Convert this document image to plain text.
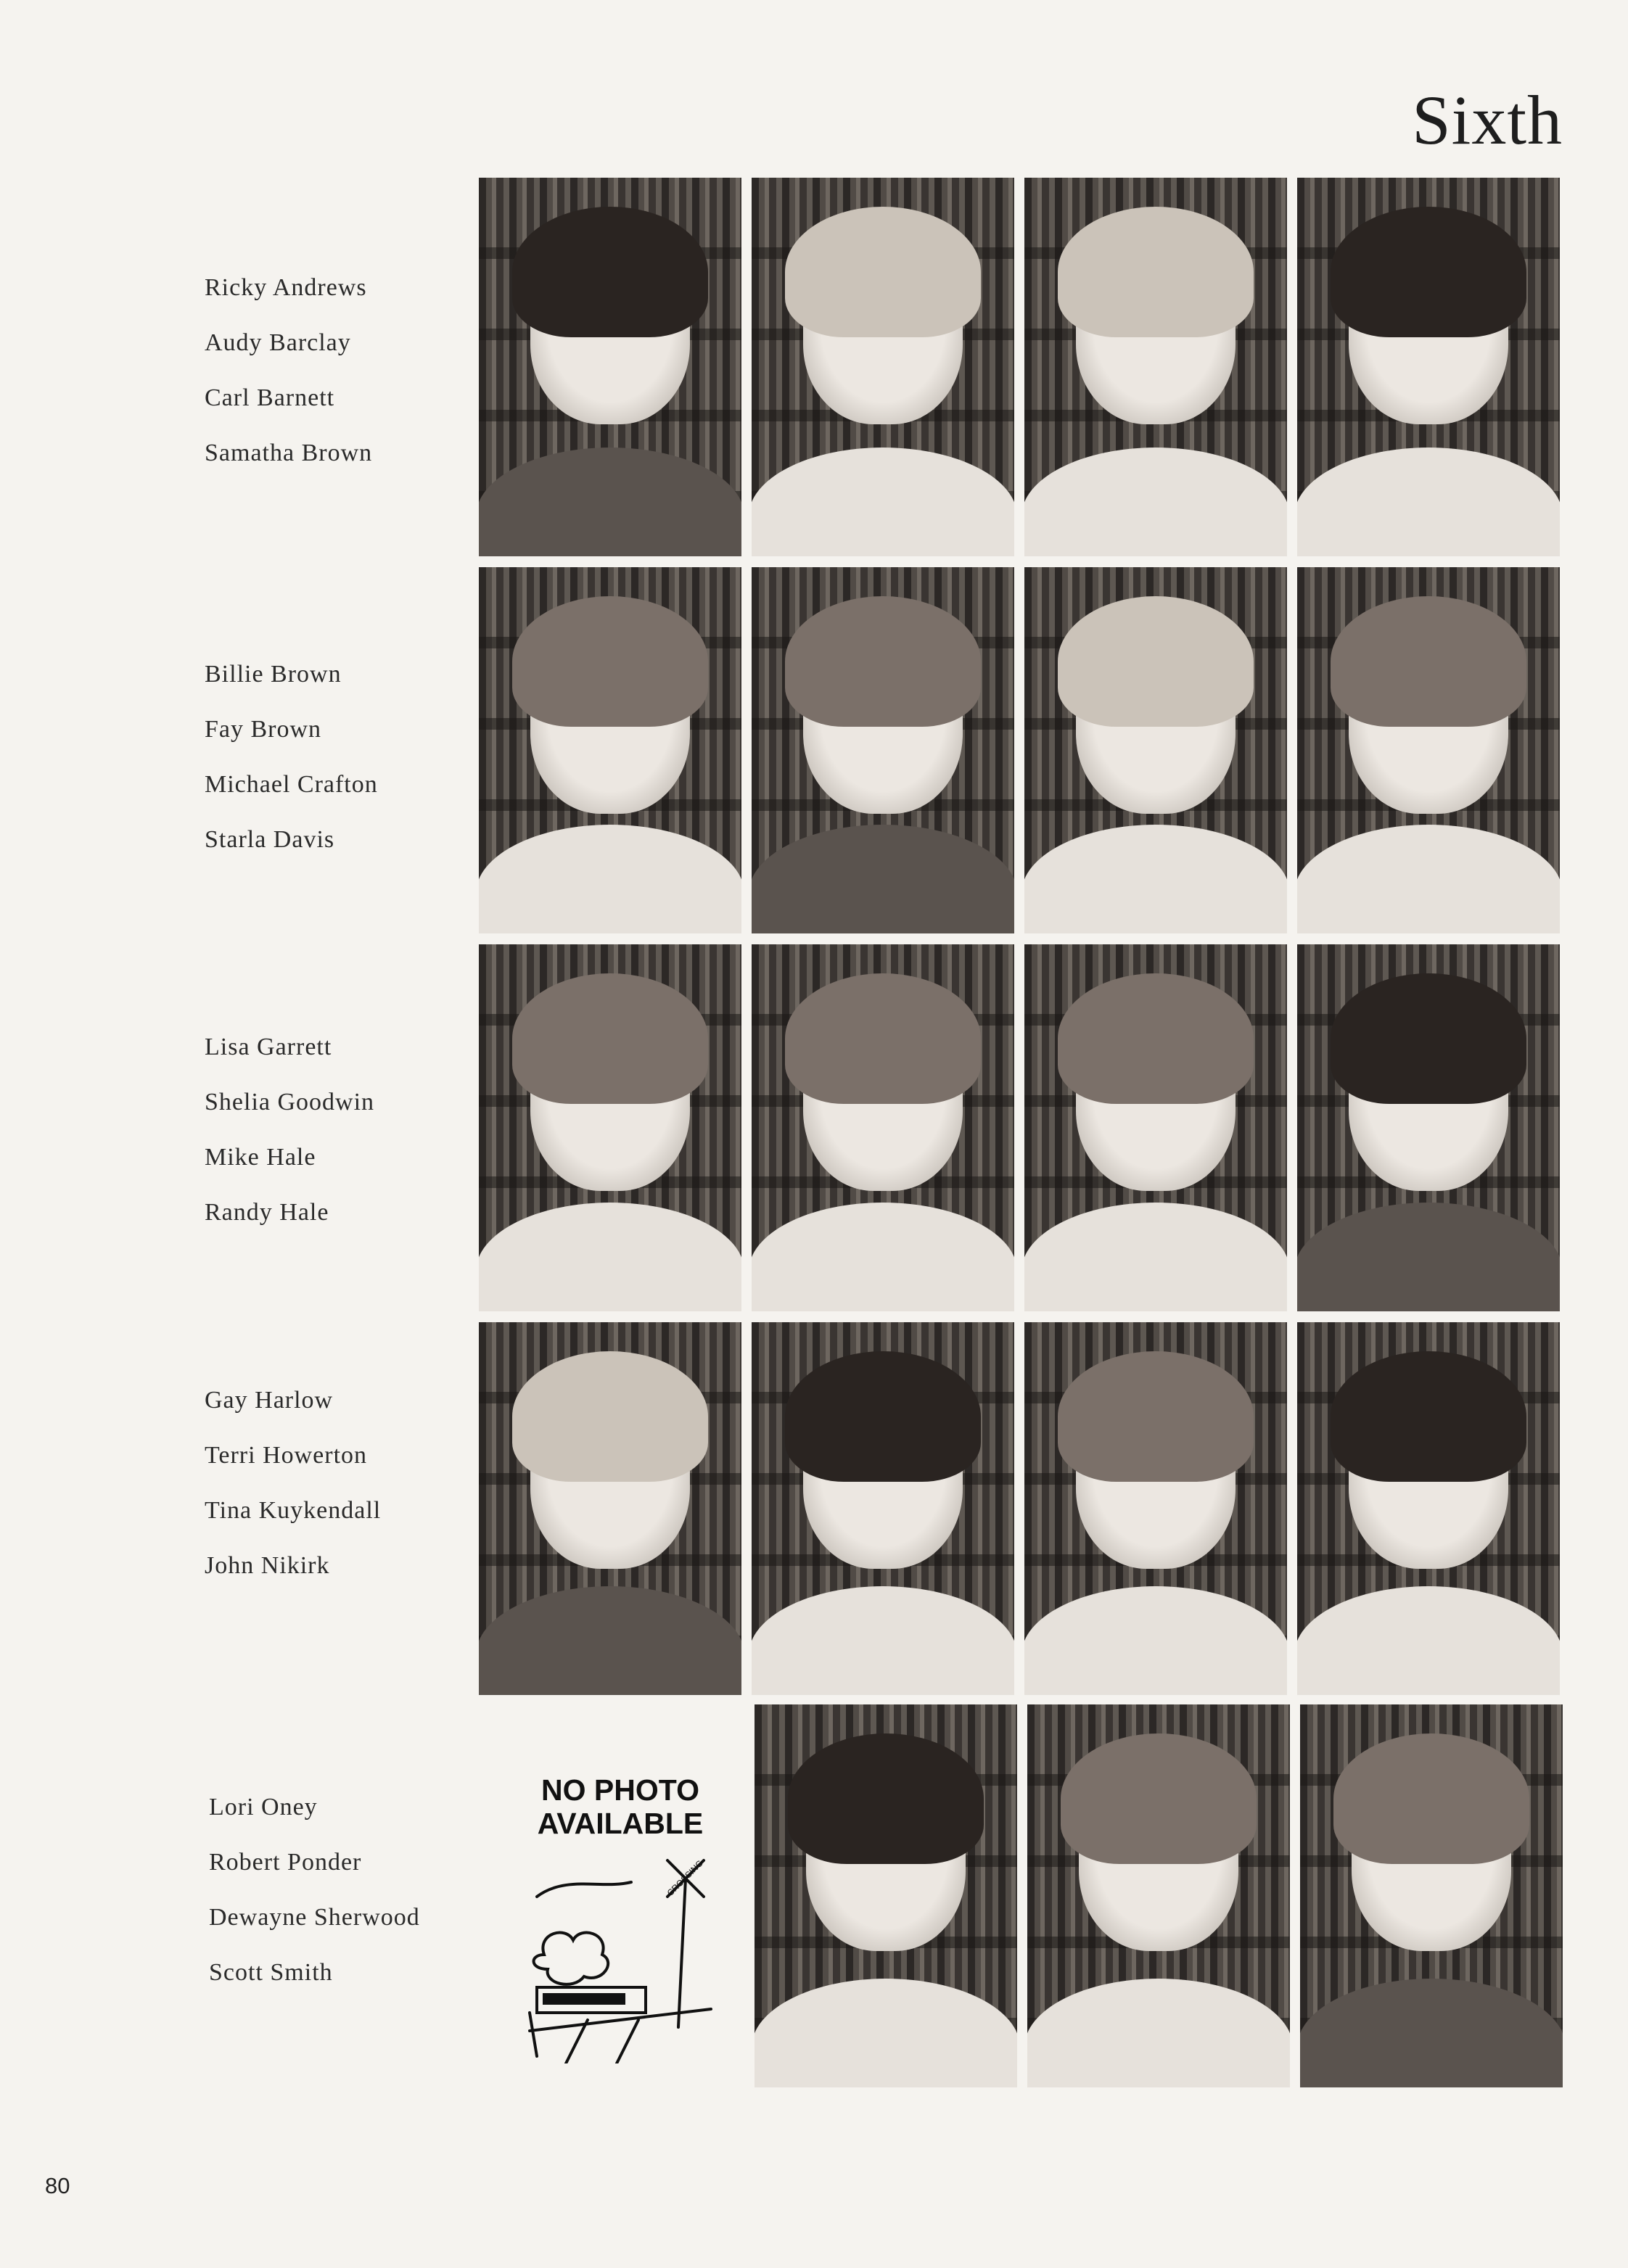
Sixth
Ricky Andrews
Audy Barclay
Carl Barnett
Samatha Brown
Billie Brown
Fay Brown
Michael Crafton
Starla Davis
Lisa Garrett
Shelia Goodwin
Mike Hale
Randy Hale
Gay Harlow
Terri Howerton
Tina Kuykendall
John Nikirk
Lori Oney
Robert Ponder
Dewayne Sherwood
Scott Smith
NO PHOTO
AVAILABLE
CROSSING
80
